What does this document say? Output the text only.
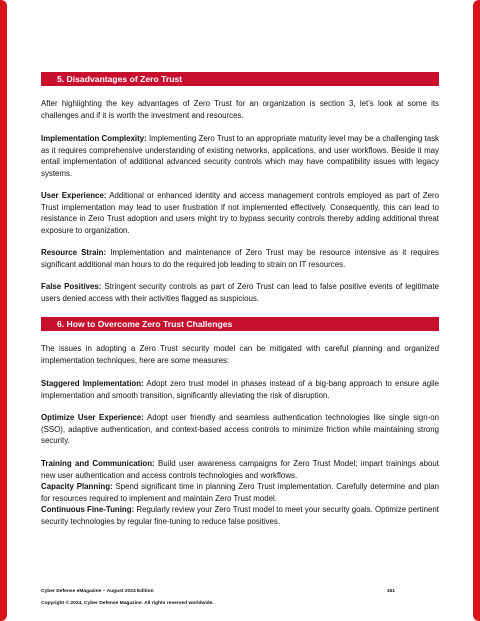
5. Disadvantages of Zero Trust

After highlighting the key advantages of Zero Trust for an organization is section 3, let’s look at some its challenges and if it is worth the investment and resources.

Implementation Complexity: Implementing Zero Trust to an appropriate maturity level may be a challenging task as it requires comprehensive understanding of existing networks, applications, and user workflows. Beside it may entail implementation of additional advanced security controls which may have compatibility issues with legacy systems.

User Experience: Additional or enhanced identity and access management controls employed as part of Zero Trust implementation may lead to user frustration if not implemented effectively. Consequently, this can lead to resistance in Zero Trust adoption and users might try to bypass security controls thereby adding additional threat exposure to organization.

Resource Strain: Implementation and maintenance of Zero Trust may be resource intensive as it requires significant additional man hours to do the required job leading to strain on IT resources.

False Positives: Stringent security controls as part of Zero Trust can lead to false positive events of legitimate users denied access with their activities flagged as suspicious.

6. How to Overcome Zero Trust Challenges

The issues in adopting a Zero Trust security model can be mitigated with careful planning and organized implementation techniques, here are some measures:

Staggered Implementation: Adopt zero trust model in phases instead of a big-bang approach to ensure agile implementation and smooth transition, significantly alleviating the risk of disruption.

Optimize User Experience: Adopt user friendly and seamless authentication technologies like single sign-on (SSO), adaptive authentication, and context-based access controls to minimize friction while maintaining strong security.

Training and Communication: Build user awareness campaigns for Zero Trust Model; impart trainings about new user authentication and access controls technologies and workflows.

Capacity Planning: Spend significant time in planning Zero Trust implementation. Carefully determine and plan for resources required to implement and maintain Zero Trust model.

Continuous Fine-Tuning: Regularly review your Zero Trust model to meet your security goals. Optimize pertinent security technologies by regular fine-tuning to reduce false positives.

Cyber Defense eMagazine – August 2024 Edition	151
Copyright © 2024, Cyber Defense Magazine. All rights reserved worldwide.
